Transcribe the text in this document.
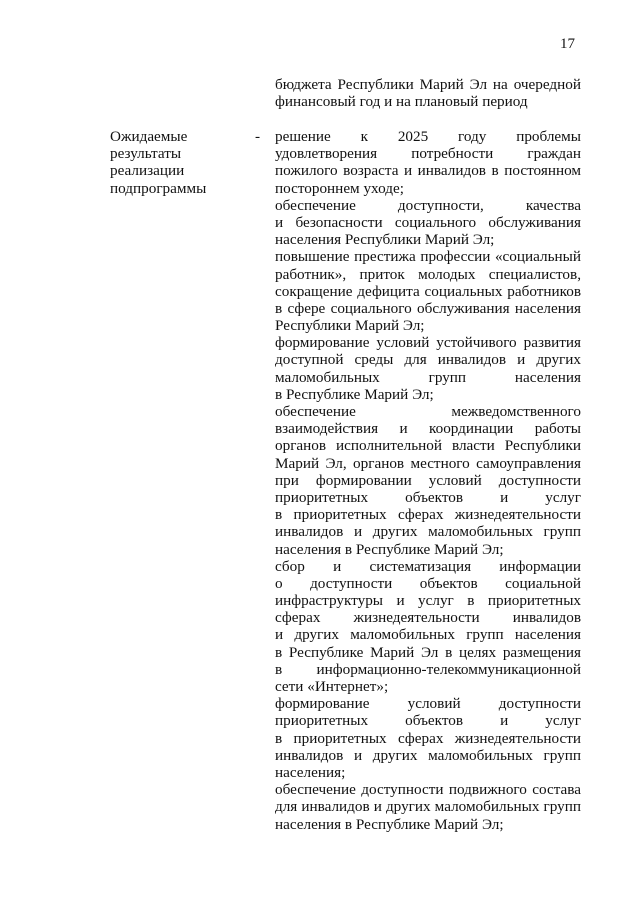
17
бюджета Республики Марий Эл на очередной
финансовый год и на плановый период
Ожидаемые
результаты
реализации
подпрограммы
- решение к 2025 году проблемы
удовлетворения потребности граждан
пожилого возраста и инвалидов в постоянном
постороннем уходе;
обеспечение доступности, качества
и безопасности социального обслуживания
населения Республики Марий Эл;
повышение престижа профессии «социальный
работник», приток молодых специалистов,
сокращение дефицита социальных работников
в сфере социального обслуживания населения
Республики Марий Эл;
формирование условий устойчивого развития
доступной среды для инвалидов и других
маломобильных групп населения
в Республике Марий Эл;
обеспечение межведомственного
взаимодействия и координации работы
органов исполнительной власти Республики
Марий Эл, органов местного самоуправления
при формировании условий доступности
приоритетных объектов и услуг
в приоритетных сферах жизнедеятельности
инвалидов и других маломобильных групп
населения в Республике Марий Эл;
сбор и систематизация информации
о доступности объектов социальной
инфраструктуры и услуг в приоритетных
сферах жизнедеятельности инвалидов
и других маломобильных групп населения
в Республике Марий Эл в целях размещения
в информационно-телекоммуникационной
сети «Интернет»;
формирование условий доступности
приоритетных объектов и услуг
в приоритетных сферах жизнедеятельности
инвалидов и других маломобильных групп
населения;
обеспечение доступности подвижного состава
для инвалидов и других маломобильных групп
населения в Республике Марий Эл;
